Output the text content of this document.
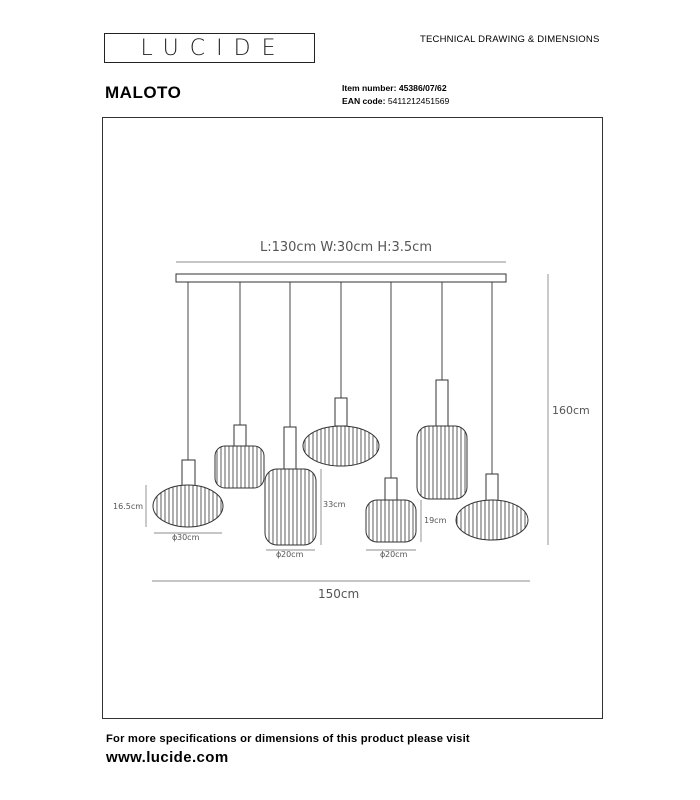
LUCIDE	TECHNICAL DRAWING & DIMENSIONS
MALOTO	Item number: 45386/07/62
EAN code: 5411212451569
L:130cm W:30cm H:3.5cm
160cm
150cm
16.5cm
ϕ 30cm
33cm
ϕ 20cm
19cm
ϕ 20cm
For more specifications or dimensions of this product please visit
www.lucide.com
